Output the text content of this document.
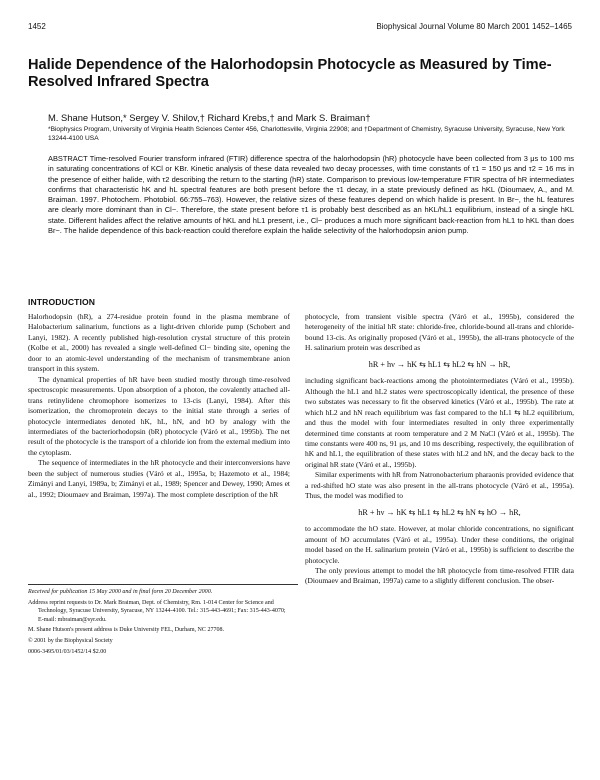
1452	Biophysical Journal Volume 80 March 2001 1452–1465
Halide Dependence of the Halorhodopsin Photocycle as Measured by Time-Resolved Infrared Spectra
M. Shane Hutson,* Sergey V. Shilov,† Richard Krebs,† and Mark S. Braiman†
*Biophysics Program, University of Virginia Health Sciences Center 456, Charlottesville, Virginia 22908; and †Department of Chemistry, Syracuse University, Syracuse, New York 13244-4100 USA

ABSTRACT Time-resolved Fourier transform infrared (FTIR) difference spectra of the halorhodopsin (hR) photocycle have been collected from 3 μs to 100 ms in saturating concentrations of KCl or KBr. Kinetic analysis of these data revealed two decay processes, with time constants of τ1 = 150 μs and τ2 = 16 ms in the presence of either halide, with τ2 describing the return to the starting (hR) state. Comparison to previous low-temperature FTIR spectra of hR intermediates confirms that characteristic hK and hL spectral features are both present before the τ1 decay, in a state previously defined as hKL (Dioumaev, A., and M. Braiman. 1997. Photochem. Photobiol. 66:755–763). However, the relative sizes of these features depend on which halide is present. In Br−, the hL features are clearly more dominant than in Cl−. Therefore, the state present before τ1 is probably best described as an hKL/hL1 equilibrium, instead of a single hKL state. Different halides affect the relative amounts of hKL and hL1 present, i.e., Cl− produces a much more significant back-reaction from hL1 to hKL than does Br−. The halide dependence of this back-reaction could therefore explain the halide selectivity of the halorhodopsin anion pump.

INTRODUCTION

Halorhodopsin (hR), a 274-residue protein found in the plasma membrane of Halobacterium salinarium, functions as a light-driven chloride pump (Schobert and Lanyi, 1982). A recently published high-resolution crystal structure of this protein (Kolbe et al., 2000) has revealed a single well-defined Cl− binding site, opening the door to an atomic-level understanding of the mechanism of transmembrane anion transport in this system.

The dynamical properties of hR have been studied mostly through time-resolved spectroscopic measurements. Upon absorption of a photon, the covalently attached all-trans retinylidene chromophore isomerizes to 13-cis (Lanyi, 1984). After this isomerization, the chromoprotein decays to the initial state through a series of photocycle intermediates denoted hK, hL, hN, and hO by analogy with the intermediates of the bacteriorhodopsin (bR) photocycle (Váró et al., 1995b). The net result of the photocycle is the transport of a chloride ion from the external medium into the cytoplasm.

The sequence of intermediates in the hR photocycle and their interconversions have been the subject of numerous studies (Váró et al., 1995a, b; Hazemoto et al., 1984; Zimányi and Lanyi, 1989a, b; Zimányi et al., 1989; Spencer and Dewey, 1990; Ames et al., 1992; Dioumaev and Braiman, 1997a). The most complete description of the hR

photocycle, from transient visible spectra (Váró et al., 1995b), considered the heterogeneity of the initial hR state: chloride-free, chloride-bound all-trans and chloride-bound 13-cis. As originally proposed (Váró et al., 1995b), the all-trans photocycle of the H. salinarium protein was described as

hR + hν → hK ⇆ hL1 ⇆ hL2 ⇆ hN → hR,

including significant back-reactions among the photointermediates (Váró et al., 1995b). Although the hL1 and hL2 states were spectroscopically identical, the presence of these two substates was necessary to fit the observed kinetics (Váró et al., 1995b). The rate at which hL2 and hN reach equilibrium was fast compared to the hL1 ⇆ hL2 equilibrium, and thus the model with four intermediates resulted in only three experimentally determined time constants at room temperature and 2 M NaCl (Váró et al., 1995b). The time constants were 400 ns, 91 μs, and 10 ms describing, respectively, the equilibration of hK and hL1, the equilibration of these states with hL2 and hN, and the decay back to the original hR state (Váró et al., 1995b).

Similar experiments with hR from Natronobacterium pharaonis provided evidence that a red-shifted hO state was also present in the all-trans photocycle (Váró et al., 1995a). Thus, the model was modified to

hR + hν → hK ⇆ hL1 ⇆ hL2 ⇆ hN ⇆ hO → hR,

to accommodate the hO state. However, at molar chloride concentrations, no significant amount of hO accumulates (Váró et al., 1995a). Under these conditions, the original model based on the H. salinarium protein (Váró et al., 1995b) is sufficient to describe the photocycle.

The only previous attempt to model the hR photocycle from time-resolved FTIR data (Dioumaev and Braiman, 1997a) came to a slightly different conclusion. The obser-

Received for publication 15 May 2000 and in final form 20 December 2000.

Address reprint requests to Dr. Mark Braiman, Dept. of Chemistry, Rm. 1-014 Center for Science and Technology, Syracuse University, Syracuse, NY 13244-4100. Tel.: 315-443-4691; Fax: 315-443-4070; E-mail: mbraiman@syr.edu.

M. Shane Hutson's present address is Duke University FEL, Durham, NC 27708.

© 2001 by the Biophysical Society

0006-3495/01/03/1452/14 $2.00
